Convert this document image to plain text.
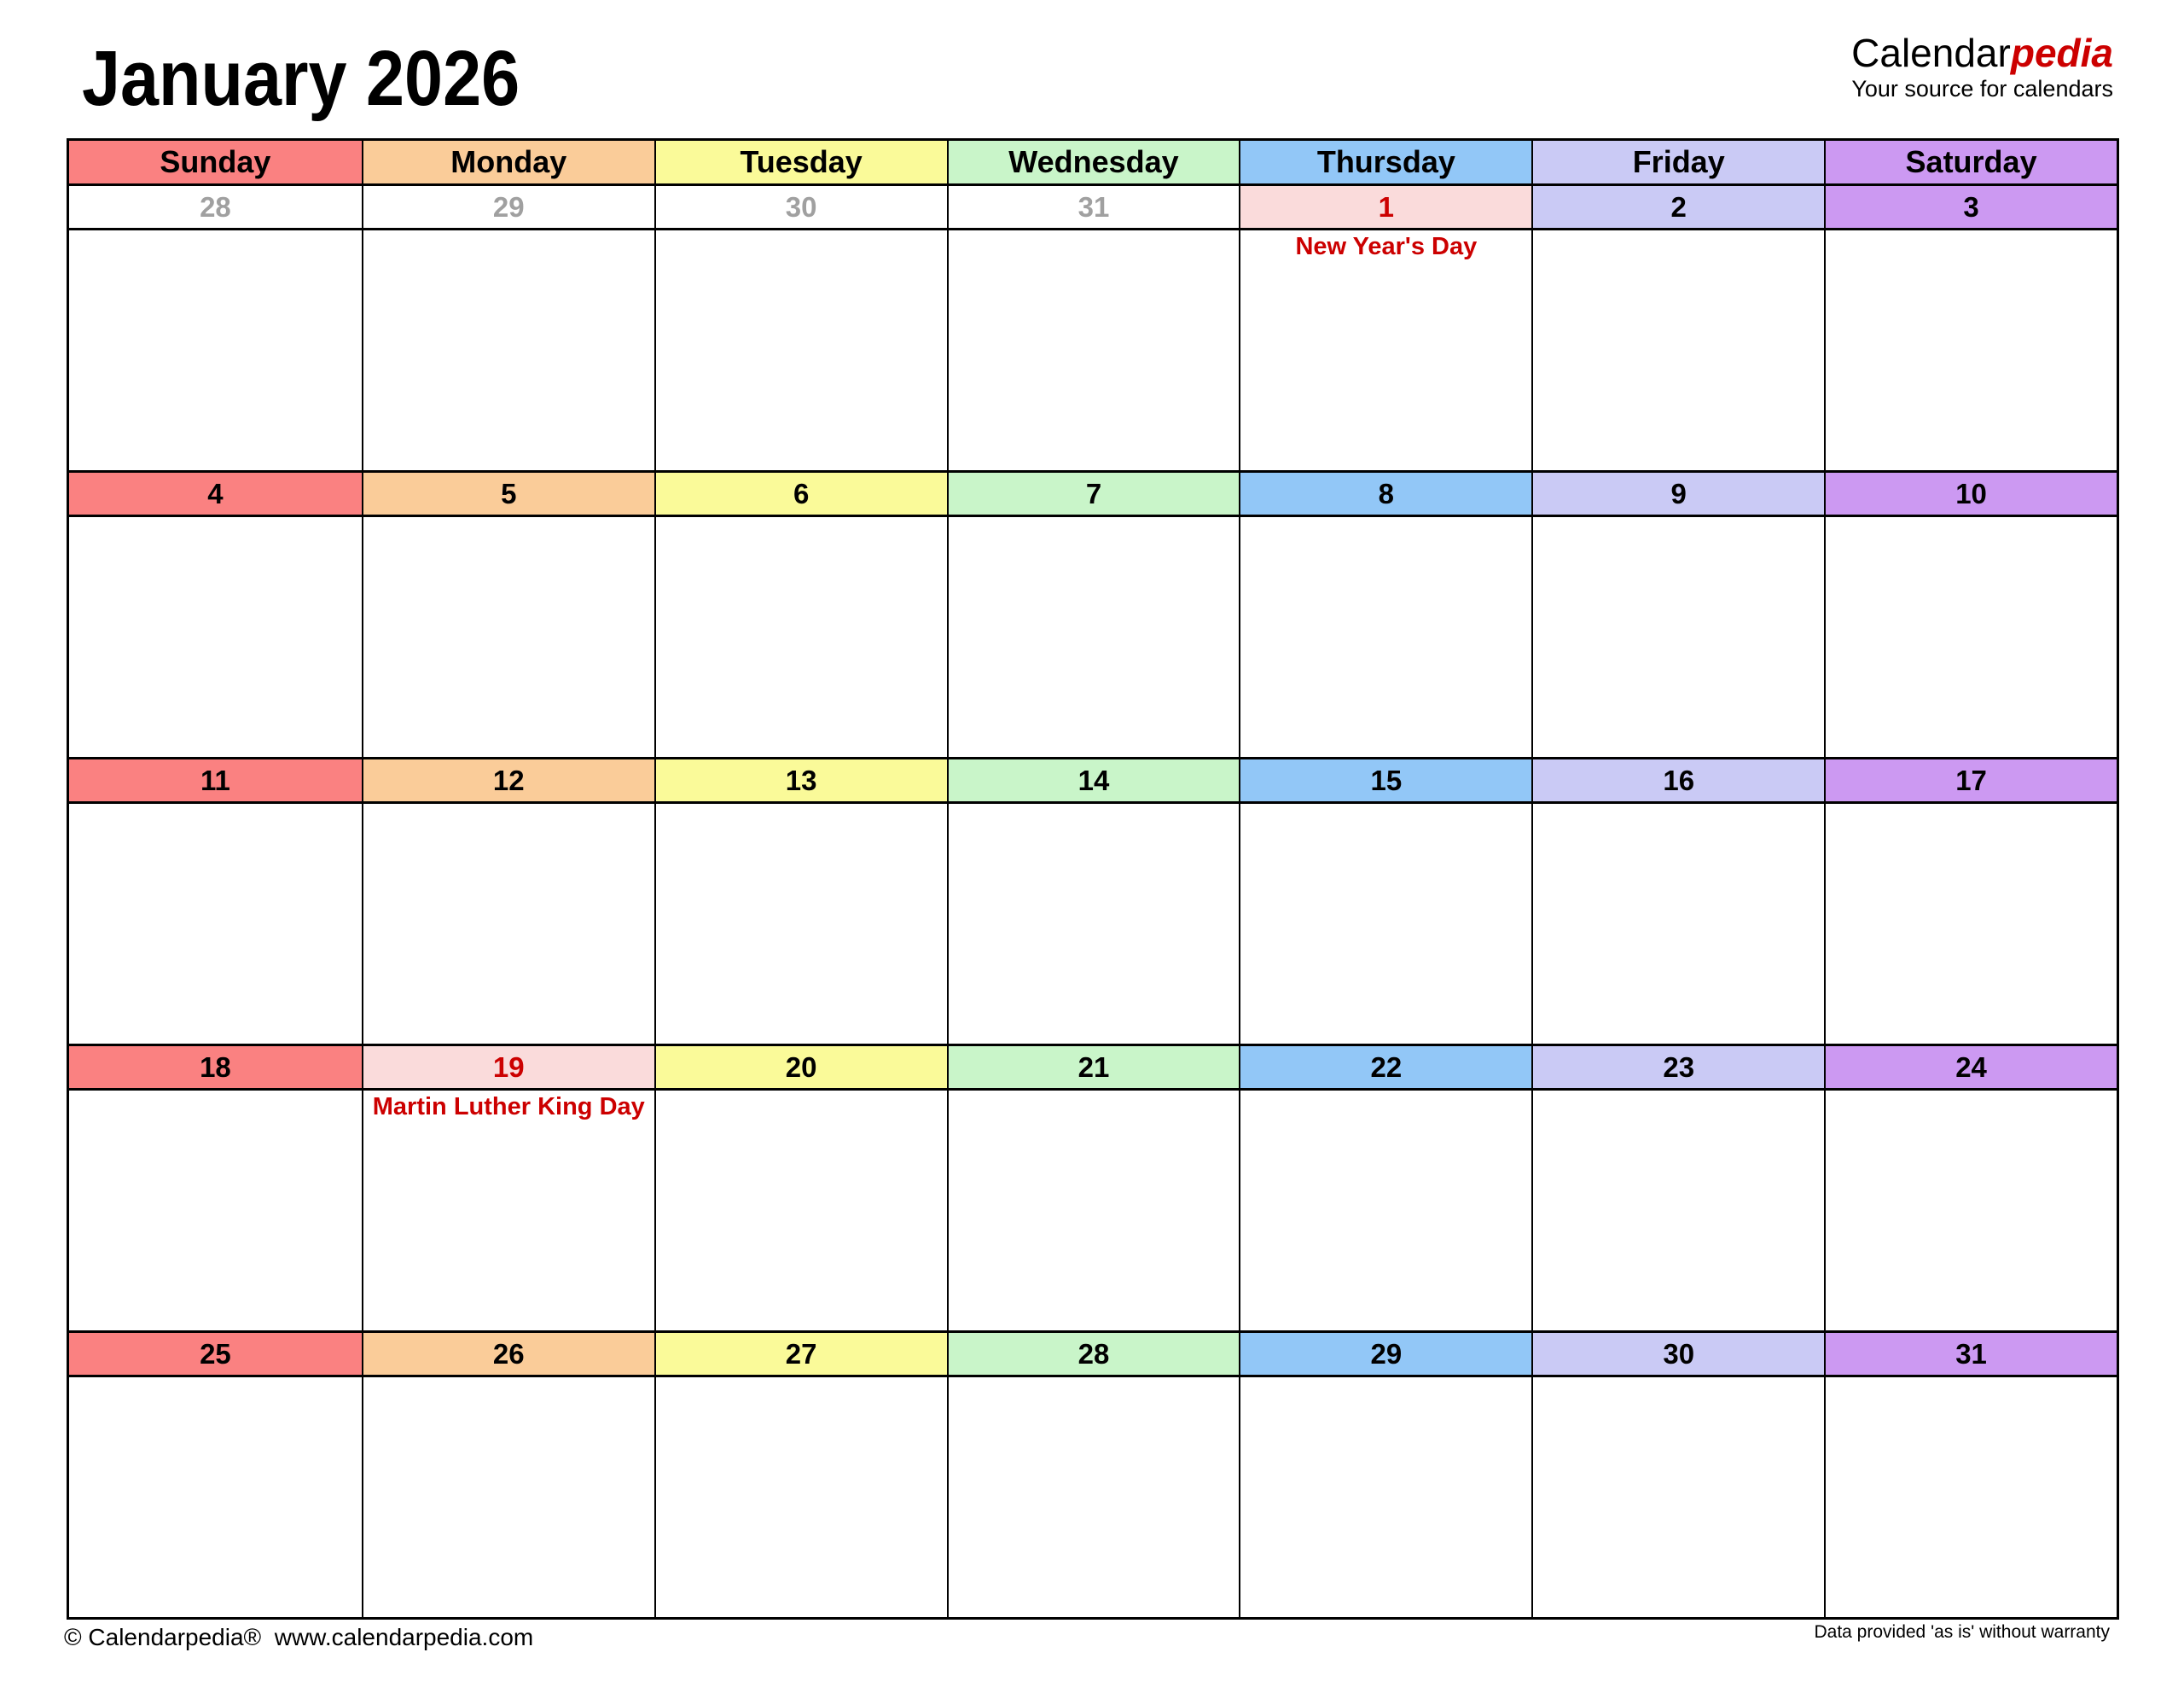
January 2026	Calendarpedia
Your source for calendars
Sunday	Monday	Tuesday	Wednesday	Thursday	Friday	Saturday
28	29	30	31	1	2	3
New Year's Day
4	5	6	7	8	9	10
11	12	13	14	15	16	17
18	19	20	21	22	23	24
Martin Luther King Day
25	26	27	28	29	30	31
© Calendarpedia®  www.calendarpedia.com	Data provided 'as is' without warranty
